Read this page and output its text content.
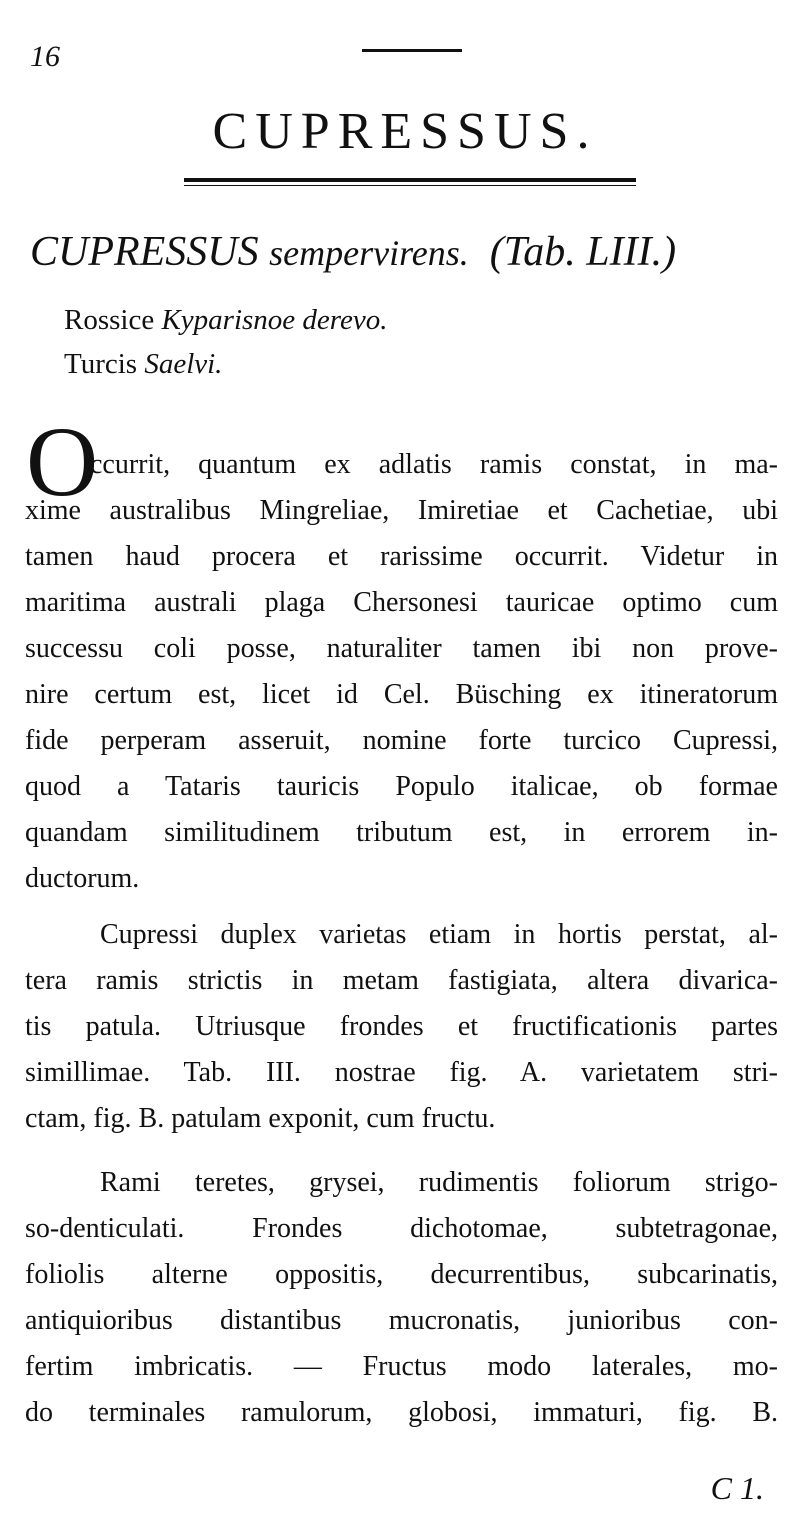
16
CUPRESSUS.
CUPRESSUS sempervirens. (Tab. LIII.)
Rossice Kyparisnoe derevo.
Turcis Saelvi.
O
ccurrit, quantum ex adlatis ramis constat, in ma-
xime australibus Mingreliae, Imiretiae et Cachetiae, ubi
tamen haud procera et rarissime occurrit. Videtur in
maritima australi plaga Chersonesi tauricae optimo cum
successu coli posse, naturaliter tamen ibi non prove-
nire certum est, licet id Cel. Büsching ex itineratorum
fide perperam asseruit, nomine forte turcico Cupressi,
quod a Tataris tauricis Populo italicae, ob formae
quandam similitudinem tributum est, in errorem in-
ductorum.
Cupressi duplex varietas etiam in hortis perstat, al-
tera ramis strictis in metam fastigiata, altera divarica-
tis patula. Utriusque frondes et fructificationis partes
simillimae. Tab. III. nostrae fig. A. varietatem stri-
ctam, fig. B. patulam exponit, cum fructu.
Rami teretes, grysei, rudimentis foliorum strigo-
so-denticulati. Frondes dichotomae, subtetragonae,
foliolis alterne oppositis, decurrentibus, subcarinatis,
antiquioribus distantibus mucronatis, junioribus con-
fertim imbricatis. — Fructus modo laterales, mo-
do terminales ramulorum, globosi, immaturi, fig. B.
C 1.
